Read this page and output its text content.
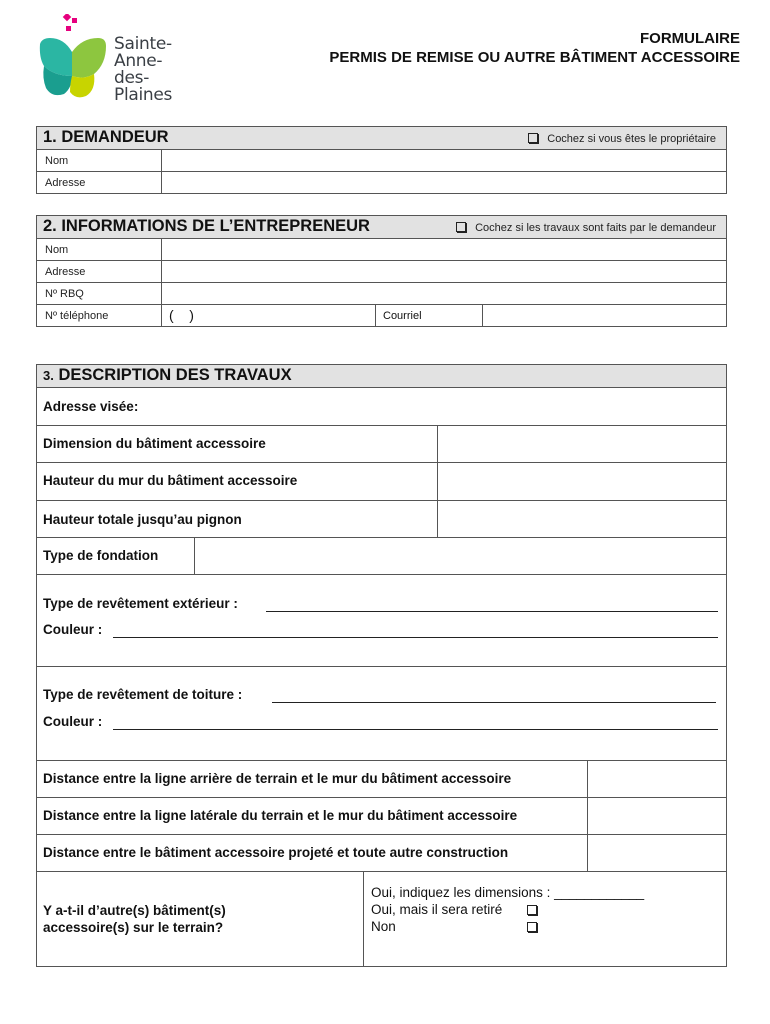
Sainte-
Anne-
des-
Plaines
FORMULAIRE
PERMIS DE REMISE OU AUTRE BÂTIMENT ACCESSOIRE
1. DEMANDEUR	Cochez si vous êtes le propriétaire
Nom
Adresse
2. INFORMATIONS DE L’ENTREPRENEUR	Cochez si les travaux sont faits par le demandeur
Nom
Adresse
Nº RBQ
Nº téléphone	(    )	Courriel
3. DESCRIPTION DES TRAVAUX
Adresse visée:
Dimension du bâtiment accessoire
Hauteur du mur du bâtiment accessoire
Hauteur totale jusqu’au pignon
Type de fondation
Type de revêtement extérieur :
Couleur :
Type de revêtement de toiture :
Couleur :
Distance entre la ligne arrière de terrain et le mur du bâtiment accessoire
Distance entre la ligne latérale du terrain et le mur du bâtiment accessoire
Distance entre le bâtiment accessoire projeté et toute autre construction
Y a-t-il d’autre(s) bâtiment(s)
accessoire(s) sur le terrain?
Oui, indiquez les dimensions : ____________
Oui, mais il sera retiré
Non
